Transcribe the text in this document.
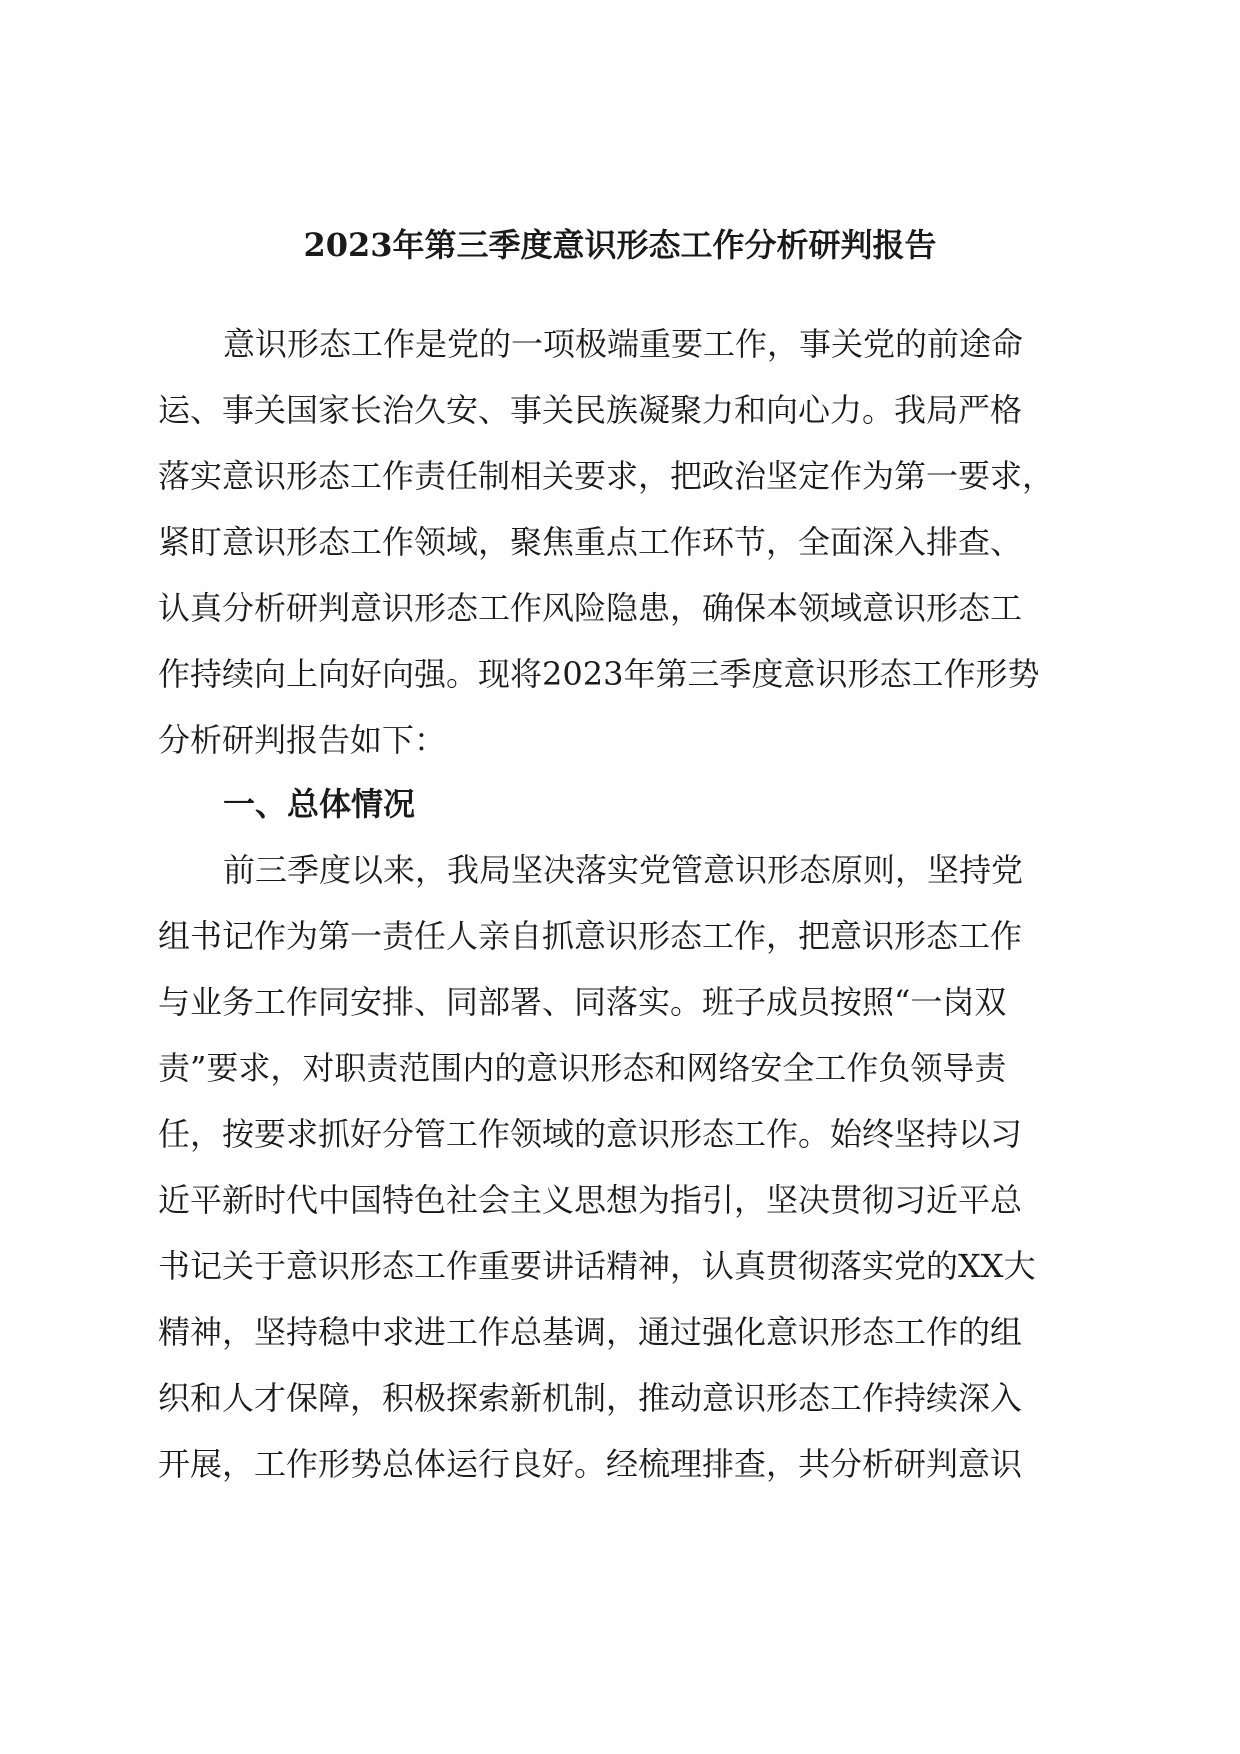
2023年第三季度意识形态工作分析研判报告
意识形态工作是党的一项极端重要工作，事关党的前途命
运、事关国家长治久安、事关民族凝聚力和向心力。我局严格
落实意识形态工作责任制相关要求，把政治坚定作为第一要求，
紧盯意识形态工作领域，聚焦重点工作环节，全面深入排查、
认真分析研判意识形态工作风险隐患，确保本领域意识形态工
作持续向上向好向强。现将2023年第三季度意识形态工作形势
分析研判报告如下：
一、总体情况
前三季度以来，我局坚决落实党管意识形态原则，坚持党
组书记作为第一责任人亲自抓意识形态工作，把意识形态工作
与业务工作同安排、同部署、同落实。班子成员按照“一岗双
责”要求，对职责范围内的意识形态和网络安全工作负领导责
任，按要求抓好分管工作领域的意识形态工作。始终坚持以习
近平新时代中国特色社会主义思想为指引，坚决贯彻习近平总
书记关于意识形态工作重要讲话精神，认真贯彻落实党的XX大
精神，坚持稳中求进工作总基调，通过强化意识形态工作的组
织和人才保障，积极探索新机制，推动意识形态工作持续深入
开展，工作形势总体运行良好。经梳理排查，共分析研判意识
